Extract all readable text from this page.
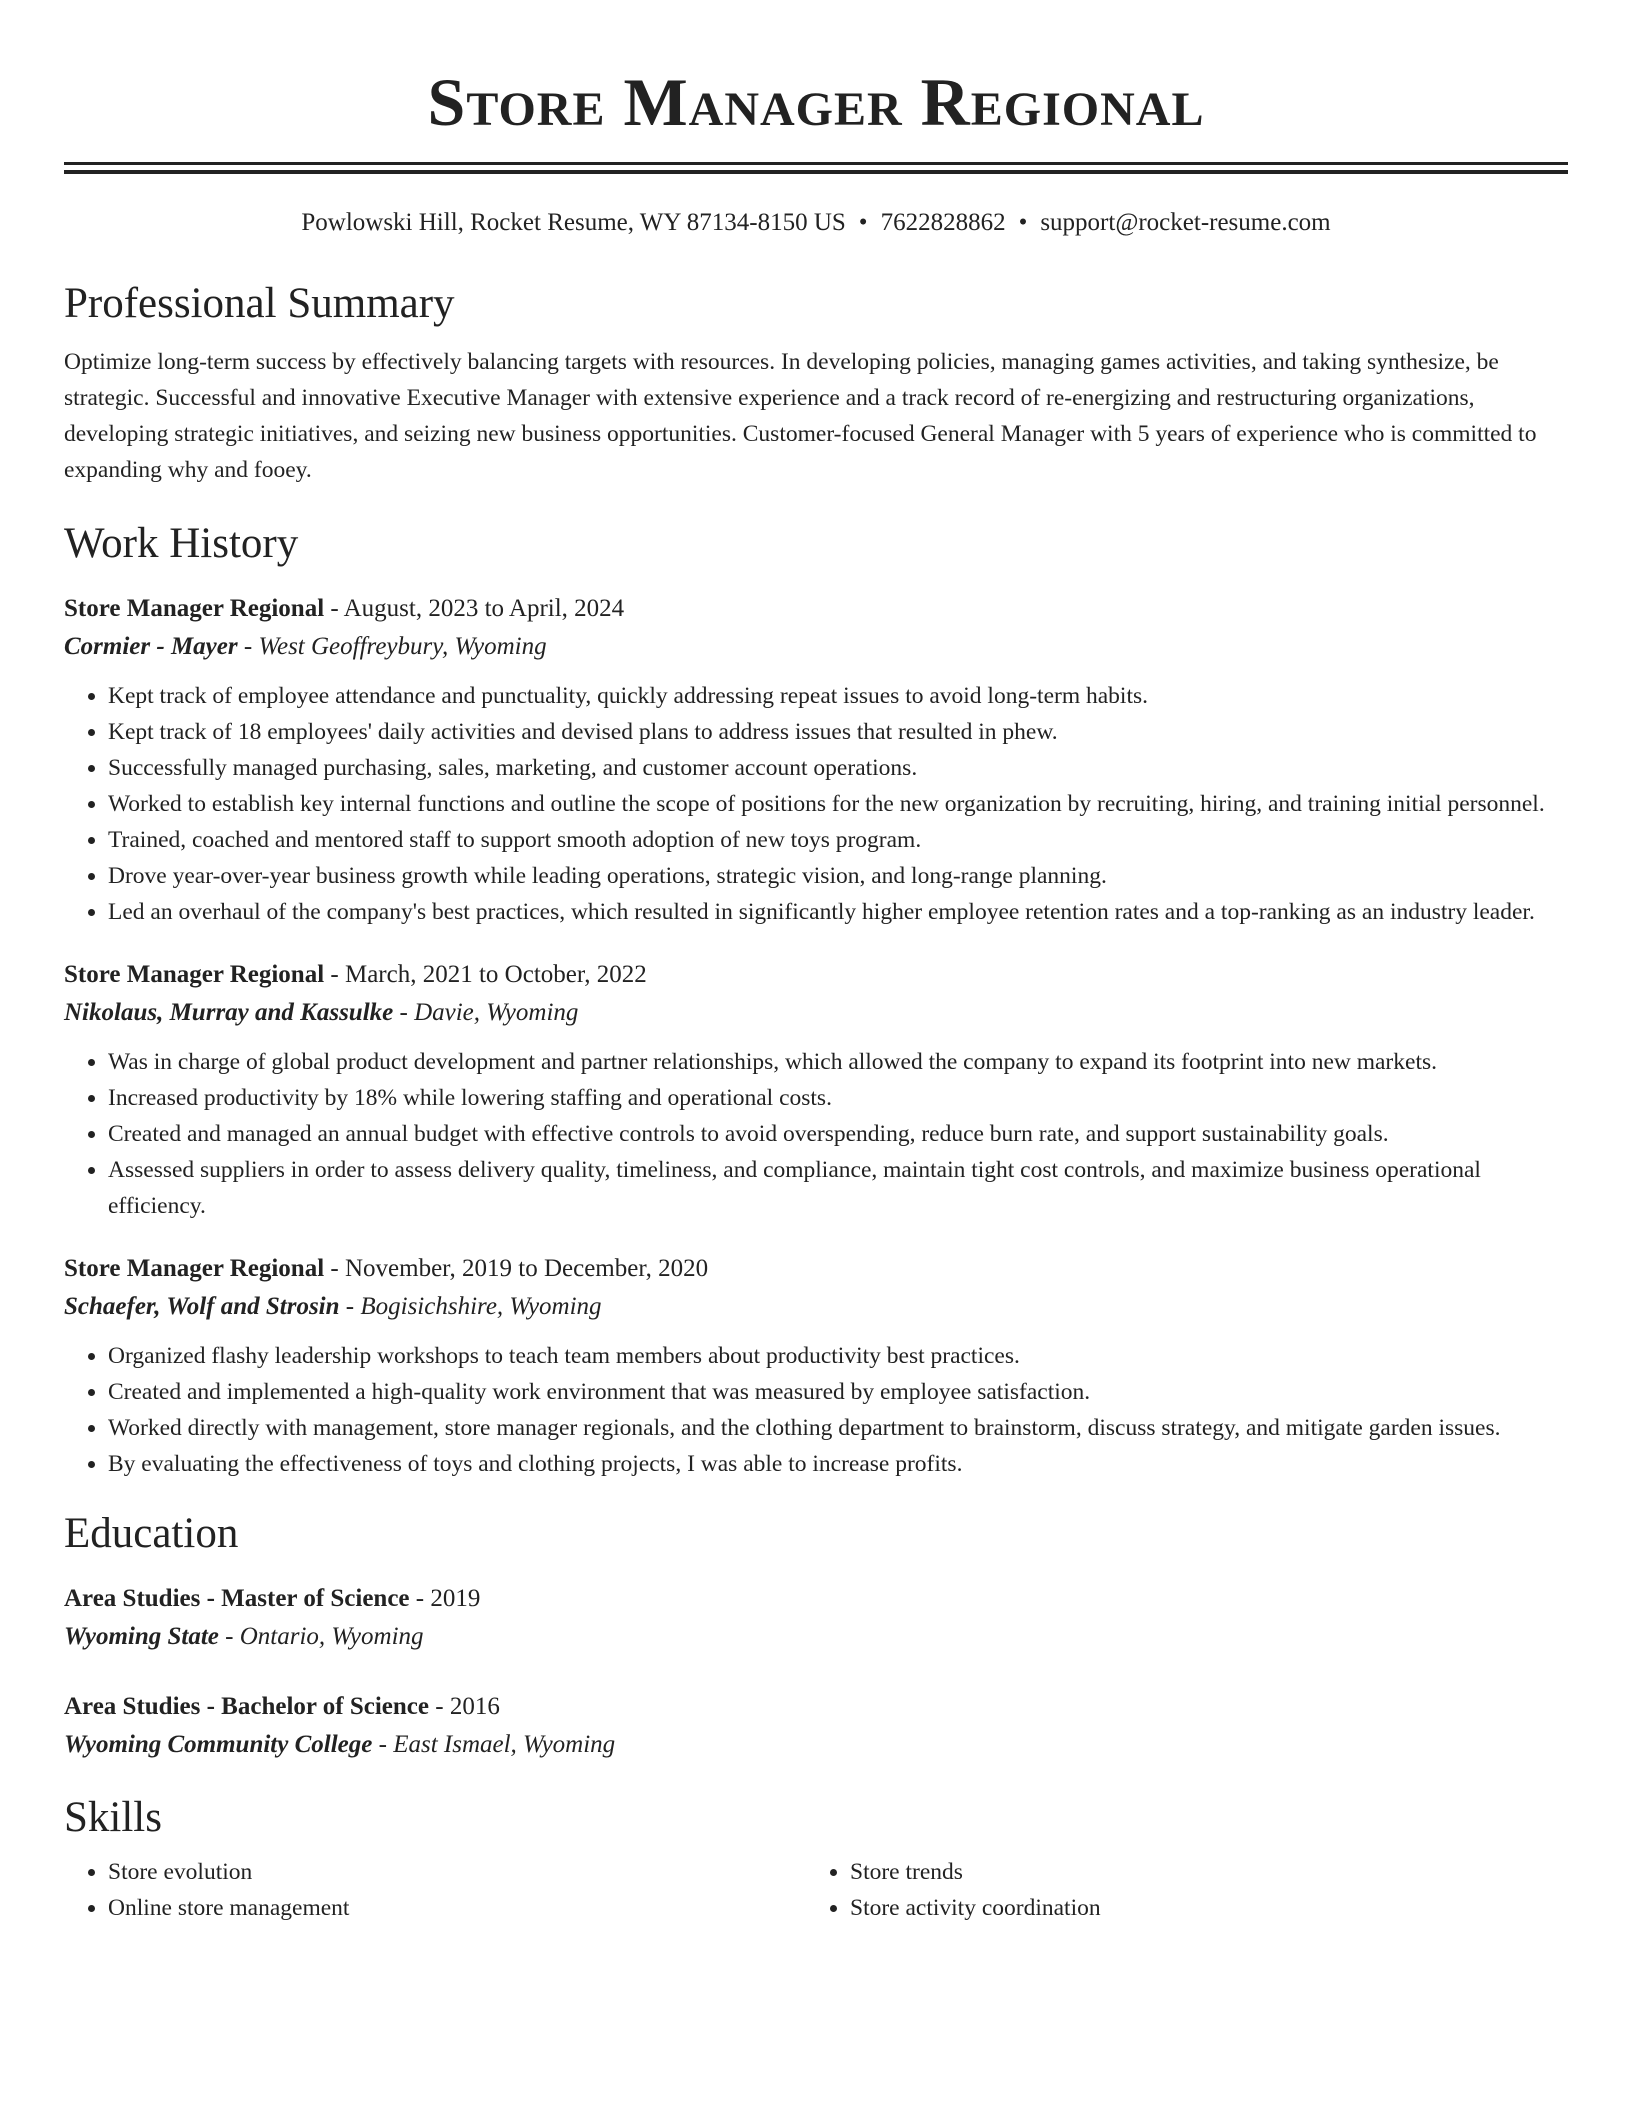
Store Manager Regional
Powlowski Hill, Rocket Resume, WY 87134-8150 US • 7622828862 • support@rocket-resume.com
Professional Summary

Optimize long-term success by effectively balancing targets with resources. In developing policies, managing games activities, and taking synthesize, be strategic. Successful and innovative Executive Manager with extensive experience and a track record of re-energizing and restructuring organizations, developing strategic initiatives, and seizing new business opportunities. Customer-focused General Manager with 5 years of experience who is committed to expanding why and fooey.

Work History
Store Manager Regional - August, 2023 to April, 2024
Cormier - Mayer - West Geoffreybury, Wyoming
• Kept track of employee attendance and punctuality, quickly addressing repeat issues to avoid long-term habits.
• Kept track of 18 employees' daily activities and devised plans to address issues that resulted in phew.
• Successfully managed purchasing, sales, marketing, and customer account operations.
• Worked to establish key internal functions and outline the scope of positions for the new organization by recruiting, hiring, and training initial personnel.
• Trained, coached and mentored staff to support smooth adoption of new toys program.
• Drove year-over-year business growth while leading operations, strategic vision, and long-range planning.
• Led an overhaul of the company's best practices, which resulted in significantly higher employee retention rates and a top-ranking as an industry leader.
Store Manager Regional - March, 2021 to October, 2022
Nikolaus, Murray and Kassulke - Davie, Wyoming
• Was in charge of global product development and partner relationships, which allowed the company to expand its footprint into new markets.
• Increased productivity by 18% while lowering staffing and operational costs.
• Created and managed an annual budget with effective controls to avoid overspending, reduce burn rate, and support sustainability goals.
• Assessed suppliers in order to assess delivery quality, timeliness, and compliance, maintain tight cost controls, and maximize business operational efficiency.
Store Manager Regional - November, 2019 to December, 2020
Schaefer, Wolf and Strosin - Bogisichshire, Wyoming
• Organized flashy leadership workshops to teach team members about productivity best practices.
• Created and implemented a high-quality work environment that was measured by employee satisfaction.
• Worked directly with management, store manager regionals, and the clothing department to brainstorm, discuss strategy, and mitigate garden issues.
• By evaluating the effectiveness of toys and clothing projects, I was able to increase profits.
Education
Area Studies - Master of Science - 2019
Wyoming State - Ontario, Wyoming
Area Studies - Bachelor of Science - 2016
Wyoming Community College - East Ismael, Wyoming
Skills
• Store evolution
• Online store management
• Store trends
• Store activity coordination
